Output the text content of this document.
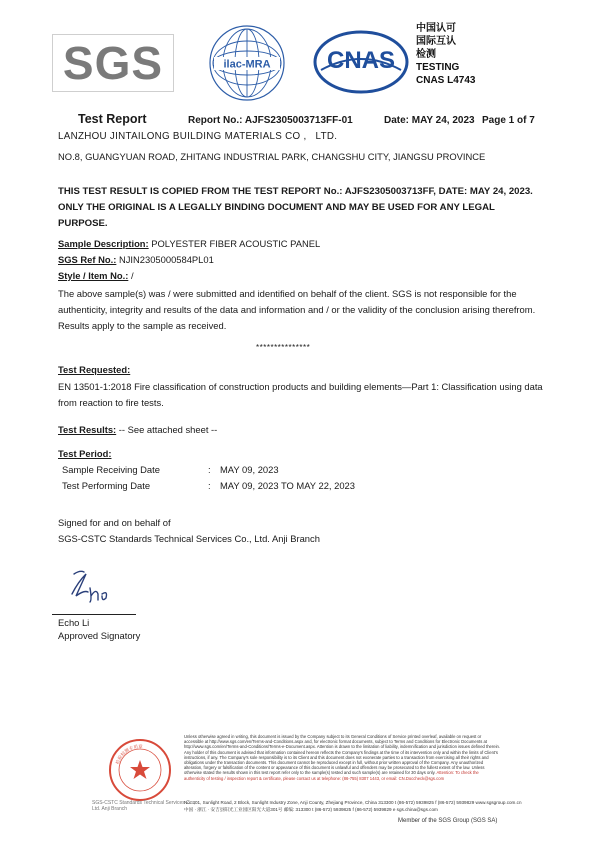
SGS	ilac-MRA CNAS
中国认可
国际互认
检测
TESTING
CNAS L4743
Test Report	Report No.: AJFS2305003713FF-01	Date: MAY 24, 2023 Page 1 of 7
LANZHOU JINTAILONG BUILDING MATERIALS CO ,   LTD.
NO.8, GUANGYUAN ROAD, ZHITANG INDUSTRIAL PARK, CHANGSHU CITY, JIANGSU PROVINCE
THIS TEST RESULT IS COPIED FROM THE TEST REPORT No.: AJFS2305003713FF, DATE: MAY 24, 2023. ONLY THE ORIGINAL IS A LEGALLY BINDING DOCUMENT AND MAY BE USED FOR ANY LEGAL PURPOSE.
Sample Description: POLYESTER FIBER ACOUSTIC PANEL
SGS Ref No.: NJIN2305000584PL01
Style / Item No.: /
The above sample(s) was / were submitted and identified on behalf of the client. SGS is not responsible for the authenticity, integrity and results of the data and information and / or the validity of the conclusion arising therefrom. Results apply to the sample as received.
***************
Test Requested:
EN 13501-1:2018 Fire classification of construction products and building elements—Part 1: Classification using data from reaction to fire tests.
Test Results: -- See attached sheet --
Test Period:
Sample Receiving Date	:	MAY 09, 2023
Test Performing Date	:	MAY 09, 2023 TO MAY 22, 2023
Signed for and on behalf of
SGS-CSTC Standards Technical Services Co., Ltd. Anji Branch
Echo Li
Approved Signatory
检验检测专用章
SGS-CSTC Standards Technical Services Co., Ltd. Anji Branch
Unless otherwise agreed in writing, this document is issued by the Company subject to its General Conditions of Service printed overleaf, available on request or accessible at http://www.sgs.com/en/Terms-and-Conditions.aspx and, for electronic format documents, subject to Terms and Conditions for Electronic Documents at http://www.sgs.com/en/Terms-and-Conditions/Terms-e-Document.aspx. Attention is drawn to the limitation of liability, indemnification and jurisdiction issues defined therein. Any holder of this document is advised that information contained hereon reflects the Company's findings at the time of its intervention only and within the limits of Client's instructions, if any. The Company's sole responsibility is to its Client and this document does not exonerate parties to a transaction from exercising all their rights and obligations under the transaction documents. This document cannot be reproduced except in full, without prior written approval of the Company. Any unauthorized alteration, forgery or falsification of the content or appearance of this document is unlawful and offenders may be prosecuted to the fullest extent of the law. Unless otherwise stated the results shown in this test report refer only to the sample(s) tested and such sample(s) are retained for 30 days only. Attention: To check the authenticity of testing / inspection report & certificate, please contact us at telephone: (86-755) 8307 1443, or email: CN.Doccheck@sgs.com
No. 301, Sunlight Road, 2 Block, Sunlight Industry Zone, Anji County, Zhejiang Province, China 313300 t (86-572) 5939825 f (86-572) 5939829 www.sgsgroup.com.cn
中国 · 浙江 · 安吉县阳光工业园区阳光大道301号 邮编: 313300 t (86-572) 5939825 f (86-572) 5939829 e sgs.china@sgs.com
Member of the SGS Group (SGS SA)
